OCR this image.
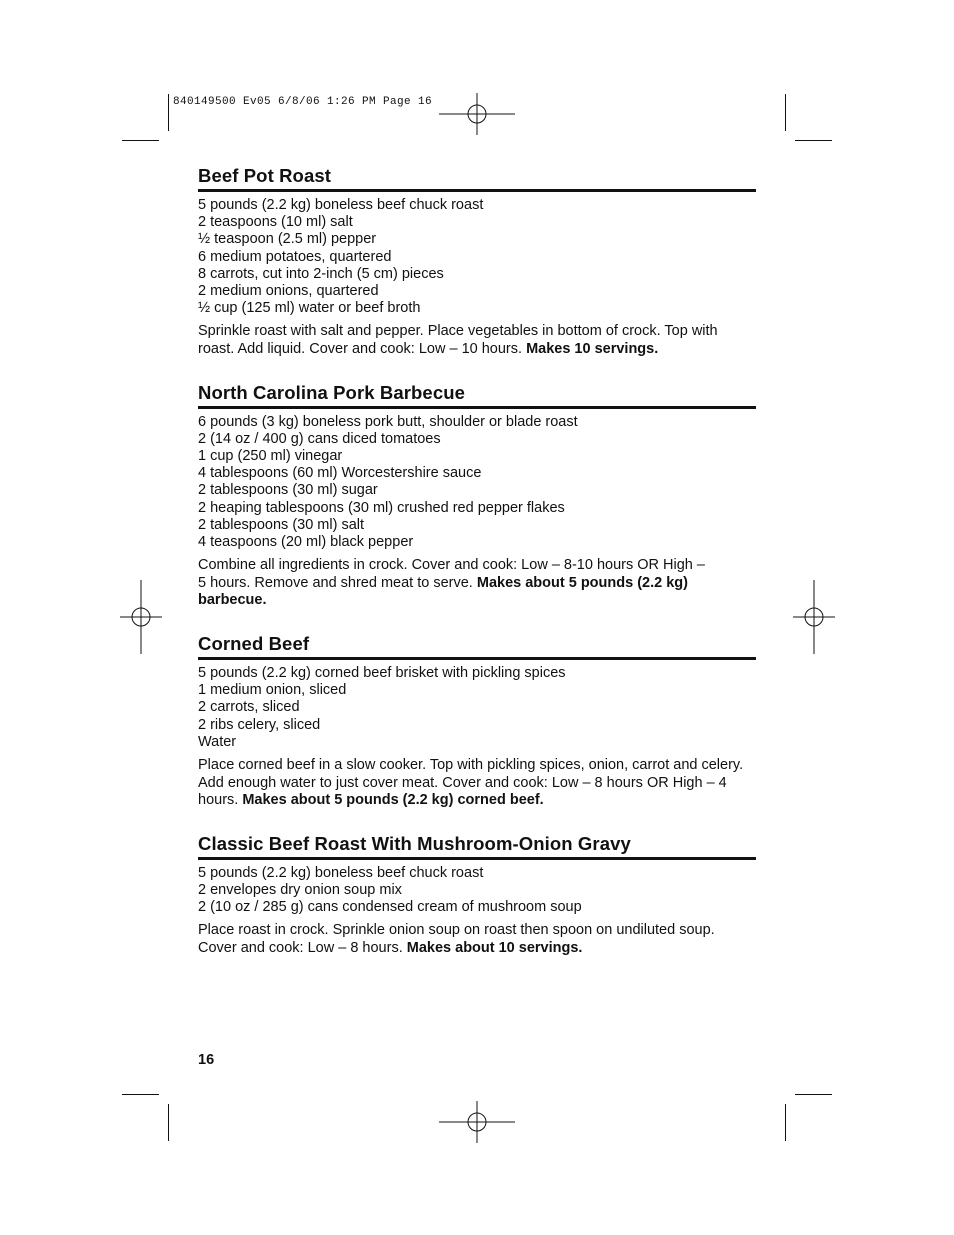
840149500 Ev05 6/8/06 1:26 PM Page 16
Beef Pot Roast
5 pounds (2.2 kg) boneless beef chuck roast
2 teaspoons (10 ml) salt
½ teaspoon (2.5 ml) pepper
6 medium potatoes, quartered
8 carrots, cut into 2-inch (5 cm) pieces
2 medium onions, quartered
½ cup (125 ml) water or beef broth

Sprinkle roast with salt and pepper. Place vegetables in bottom of crock. Top with roast. Add liquid. Cover and cook: Low – 10 hours. Makes 10 servings.

North Carolina Pork Barbecue
6 pounds (3 kg) boneless pork butt, shoulder or blade roast
2 (14 oz / 400 g) cans diced tomatoes
1 cup (250 ml) vinegar
4 tablespoons (60 ml) Worcestershire sauce
2 tablespoons (30 ml) sugar
2 heaping tablespoons (30 ml) crushed red pepper flakes
2 tablespoons (30 ml) salt
4 teaspoons (20 ml) black pepper

Combine all ingredients in crock. Cover and cook: Low – 8-10 hours OR High – 5 hours. Remove and shred meat to serve. Makes about 5 pounds (2.2 kg) barbecue.

Corned Beef
5 pounds (2.2 kg) corned beef brisket with pickling spices
1 medium onion, sliced
2 carrots, sliced
2 ribs celery, sliced
Water

Place corned beef in a slow cooker. Top with pickling spices, onion, carrot and celery. Add enough water to just cover meat. Cover and cook: Low – 8 hours OR High – 4 hours. Makes about 5 pounds (2.2 kg) corned beef.

Classic Beef Roast With Mushroom-Onion Gravy
5 pounds (2.2 kg) boneless beef chuck roast
2 envelopes dry onion soup mix
2 (10 oz / 285 g) cans condensed cream of mushroom soup

Place roast in crock. Sprinkle onion soup on roast then spoon on undiluted soup. Cover and cook: Low – 8 hours. Makes about 10 servings.

16
